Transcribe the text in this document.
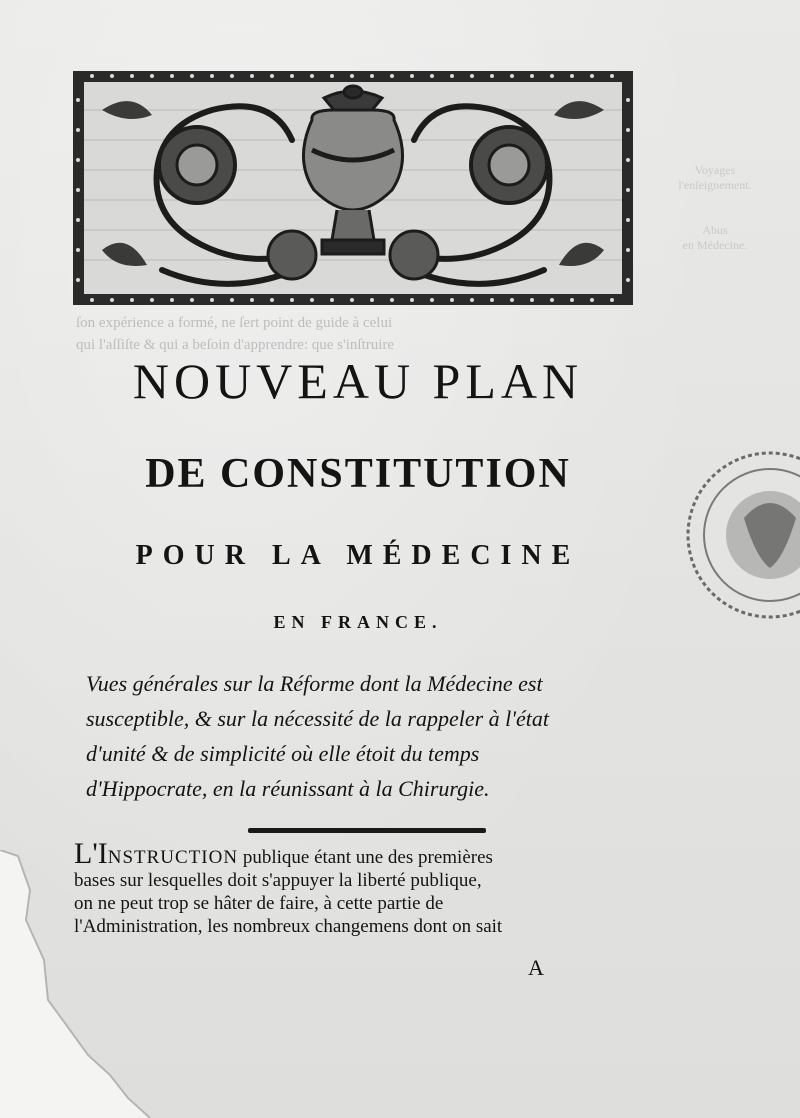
ſon expérience a formé, ne ſert point de guide à celui
qui l'aſſiſte & qui a beſoin d'apprendre: que s'inſtruire

Voyages
l'enſeignement.
Abus
en Médecine.
NOUVEAU PLAN
DE CONSTITUTION
POUR LA MÉDECINE
EN FRANCE.
Vues générales sur la Réforme dont la Médecine est
susceptible, & sur la nécessité de la rappeler à l'état
d'unité & de simplicité où elle étoit du temps
d'Hippocrate, en la réunissant à la Chirurgie.
L'INSTRUCTION publique étant une des premières
bases sur lesquelles doit s'appuyer la liberté publique,
on ne peut trop se hâter de faire, à cette partie de
l'Administration, les nombreux changemens dont on sait
A
